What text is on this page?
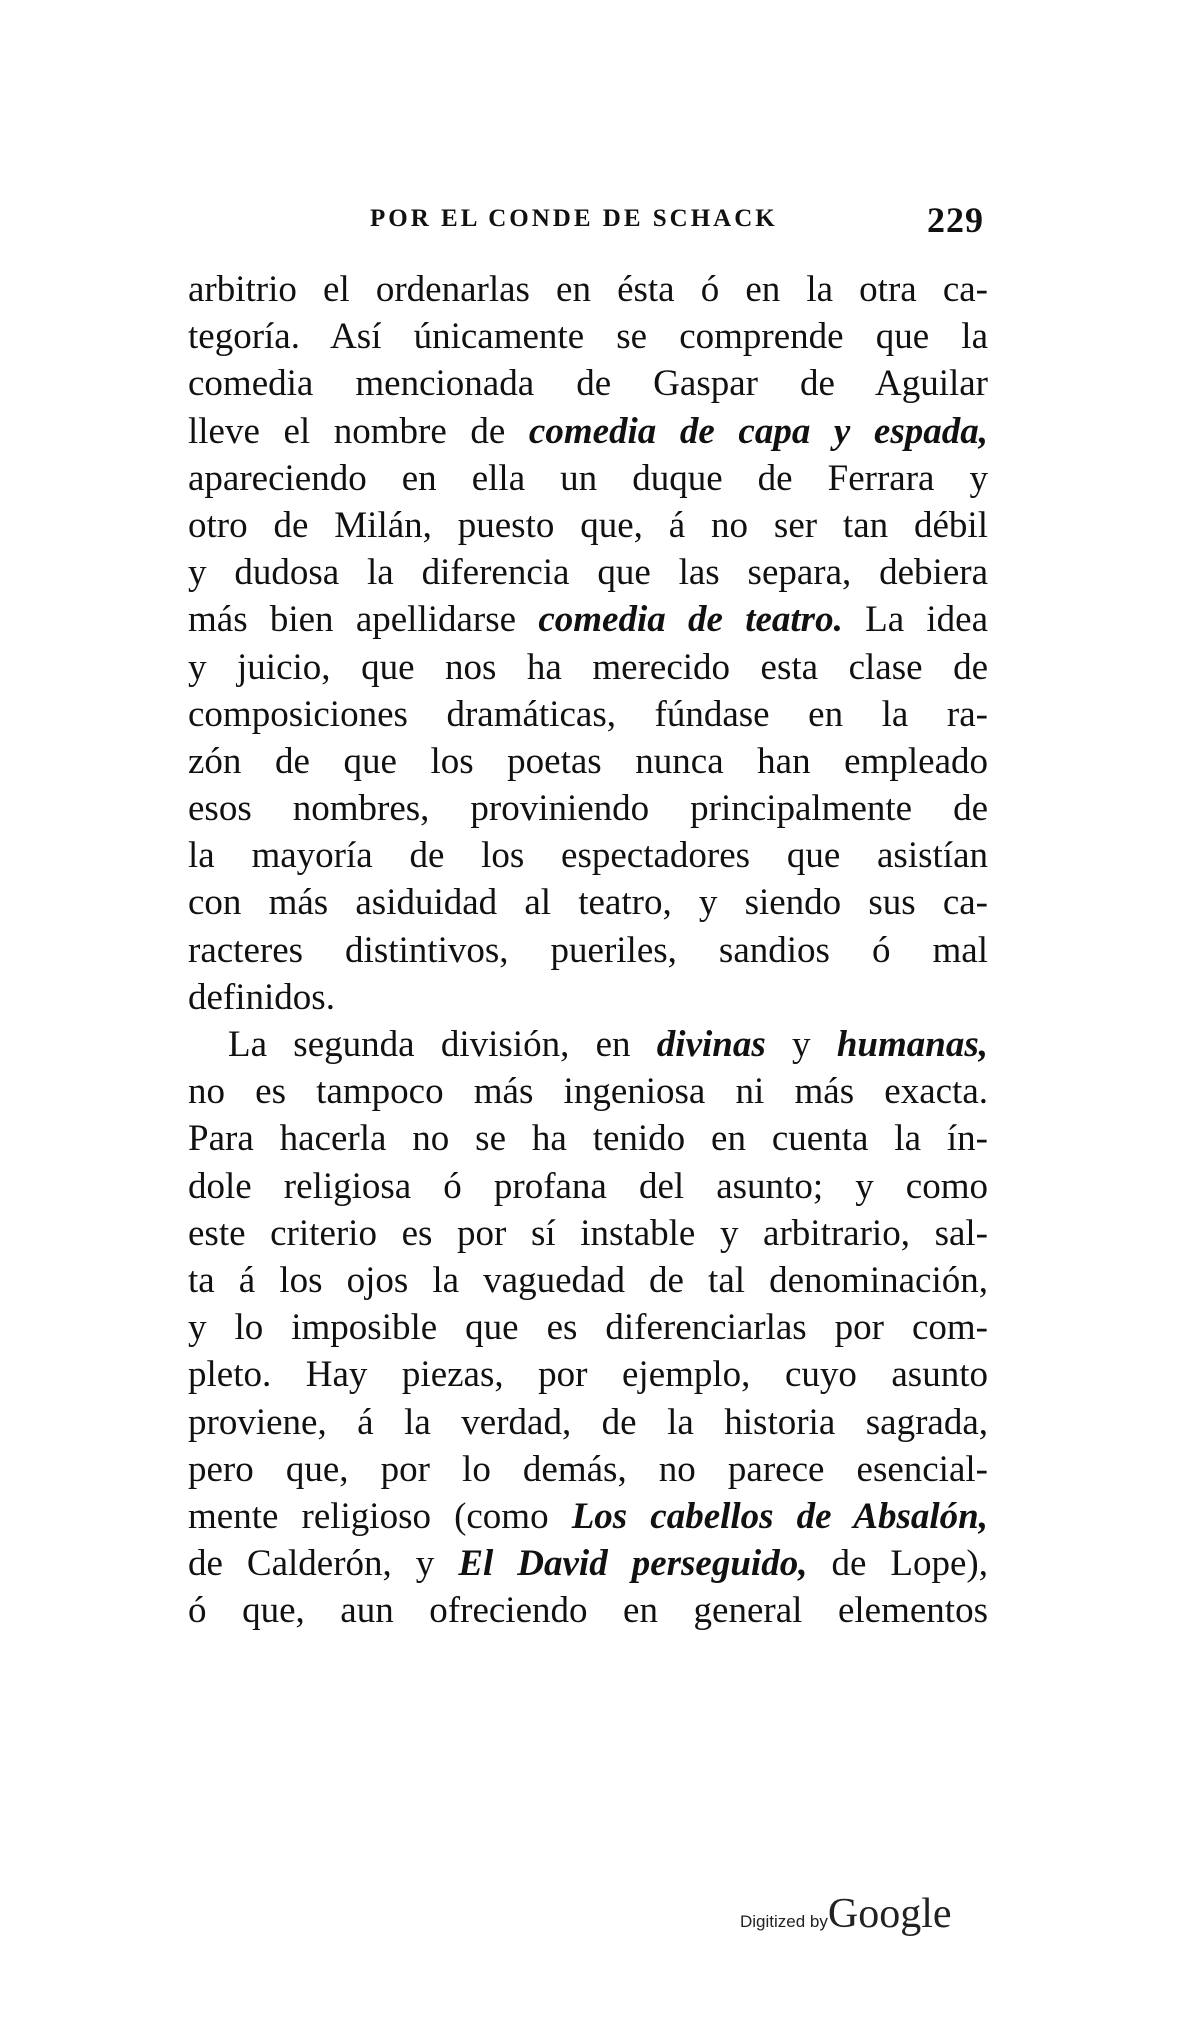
POR EL CONDE DE SCHACK	229
arbitrio el ordenarlas en ésta ó en la otra ca-
tegoría. Así únicamente se comprende que la
comedia mencionada de Gaspar de Aguilar
lleve el nombre de comedia de capa y espada,
apareciendo en ella un duque de Ferrara y
otro de Milán, puesto que, á no ser tan débil
y dudosa la diferencia que las separa, debiera
más bien apellidarse comedia de teatro. La idea
y juicio, que nos ha merecido esta clase de
composiciones dramáticas, fúndase en la ra-
zón de que los poetas nunca han empleado
esos nombres, proviniendo principalmente de
la mayoría de los espectadores que asistían
con más asiduidad al teatro, y siendo sus ca-
racteres distintivos, pueriles, sandios ó mal
definidos.
La segunda división, en divinas y humanas,
no es tampoco más ingeniosa ni más exacta.
Para hacerla no se ha tenido en cuenta la ín-
dole religiosa ó profana del asunto; y como
este criterio es por sí instable y arbitrario, sal-
ta á los ojos la vaguedad de tal denominación,
y lo imposible que es diferenciarlas por com-
pleto. Hay piezas, por ejemplo, cuyo asunto
proviene, á la verdad, de la historia sagrada,
pero que, por lo demás, no parece esencial-
mente religioso (como Los cabellos de Absalón,
de Calderón, y El David perseguido, de Lope),
ó que, aun ofreciendo en general elementos
Digitized byGoogle
